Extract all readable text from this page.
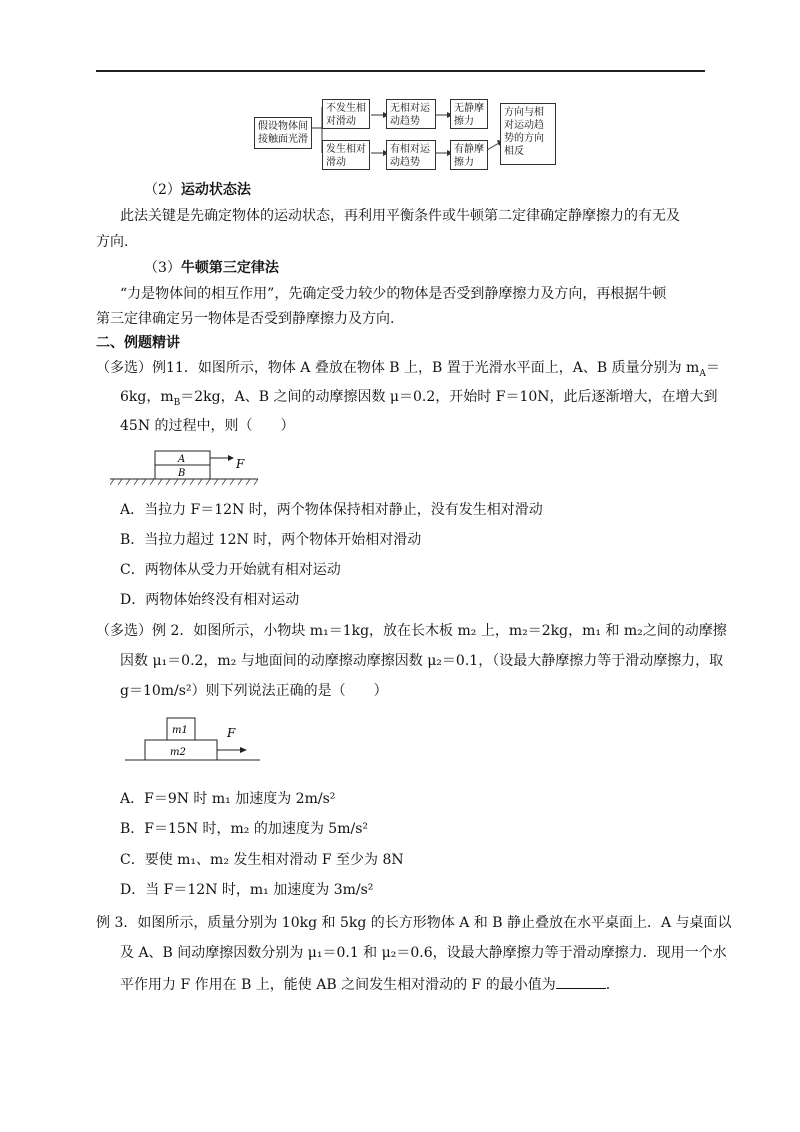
假设物体间接触面光滑
不发生相对滑动
无相对运动趋势
无静摩擦力
发生相对滑动
有相对运动趋势
有静摩擦力
方向与相对运动趋势的方向相反
（2）运动状态法
此法关键是先确定物体的运动状态，再利用平衡条件或牛顿第二定律确定静摩擦力的有无及
方向.
（3）牛顿第三定律法
“力是物体间的相互作用”，先确定受力较少的物体是否受到静摩擦力及方向，再根据牛顿
第三定律确定另一物体是否受到静摩擦力及方向.
二、例题精讲
（多选）例11．如图所示，物体 A 叠放在物体 B 上，B 置于光滑水平面上，A、B 质量分别为 $m_A=$
6kg，$m_B=2kg$，A、B 之间的动摩擦因数 μ＝0.2，开始时 F＝10N，此后逐渐增大，在增大到
45N 的过程中，则（　　）
A
B
F
A．当拉力 F＝12N 时，两个物体保持相对静止，没有发生相对滑动
B．当拉力超过 12N 时，两个物体开始相对滑动
C．两物体从受力开始就有相对运动
D．两物体始终没有相对运动
（多选）例 2．如图所示，小物块 m₁＝1kg，放在长木板 m₂ 上，m₂＝2kg，m₁ 和 m₂之间的动摩擦
因数 μ₁＝0.2，m₂ 与地面间的动摩擦动摩擦因数 μ₂＝0.1，（设最大静摩擦力等于滑动摩擦力，取
g＝10m/s²）则下列说法正确的是（　　）
m1
m2
F
A．F＝9N 时 m₁ 加速度为 2m/s²
B．F＝15N 时，m₂ 的加速度为 5m/s²
C．要使 m₁、m₂ 发生相对滑动 F 至少为 8N
D．当 F＝12N 时，m₁ 加速度为 3m/s²
例 3．如图所示，质量分别为 10kg 和 5kg 的长方形物体 A 和 B 静止叠放在水平桌面上．A 与桌面以
及 A、B 间动摩擦因数分别为 μ₁＝0.1 和 μ₂＝0.6，设最大静摩擦力等于滑动摩擦力．现用一个水
平作用力 F 作用在 B 上，能使 AB 之间发生相对滑动的 F 的最小值为	.
